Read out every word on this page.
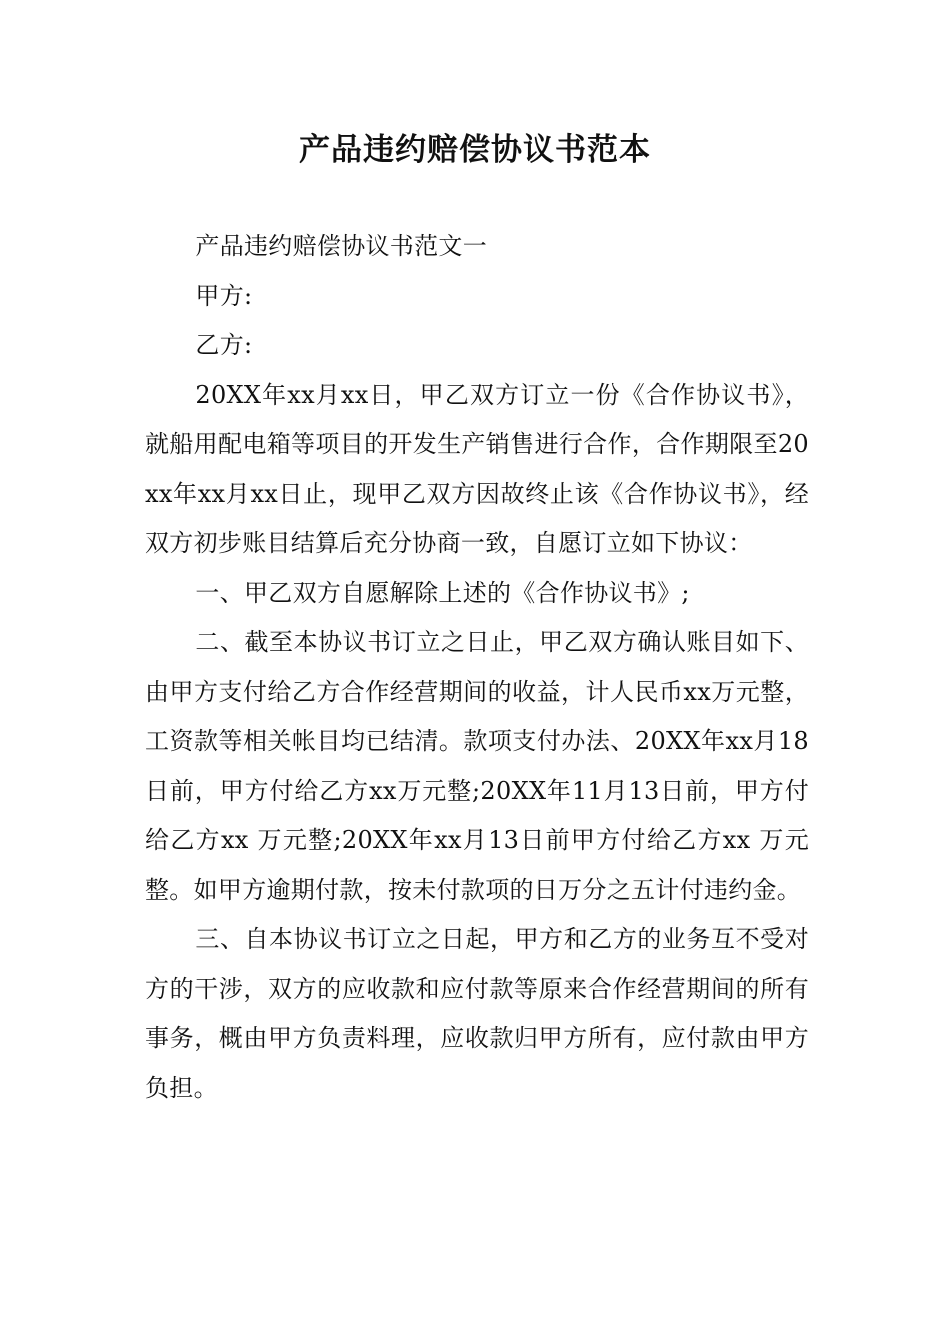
产品违约赔偿协议书范本

产品违约赔偿协议书范文一

甲方:

乙方:

20XX年xx月xx日，甲乙双方订立一份《合作协议书》，就船用配电箱等项目的开发生产销售进行合作，合作期限至20xx年xx月xx日止，现甲乙双方因故终止该《合作协议书》，经双方初步账目结算后充分协商一致，自愿订立如下协议：

一、甲乙双方自愿解除上述的《合作协议书》;

二、截至本协议书订立之日止，甲乙双方确认账目如下、由甲方支付给乙方合作经营期间的收益，计人民币xx万元整，工资款等相关帐目均已结清。款项支付办法、20XX年xx月18日前，甲方付给乙方xx万元整;20XX年11月13日前，甲方付给乙方xx 万元整;20XX年xx月13日前甲方付给乙方xx 万元整。如甲方逾期付款，按未付款项的日万分之五计付违约金。

三、自本协议书订立之日起，甲方和乙方的业务互不受对方的干涉，双方的应收款和应付款等原来合作经营期间的所有事务，概由甲方负责料理，应收款归甲方所有，应付款由甲方负担。
